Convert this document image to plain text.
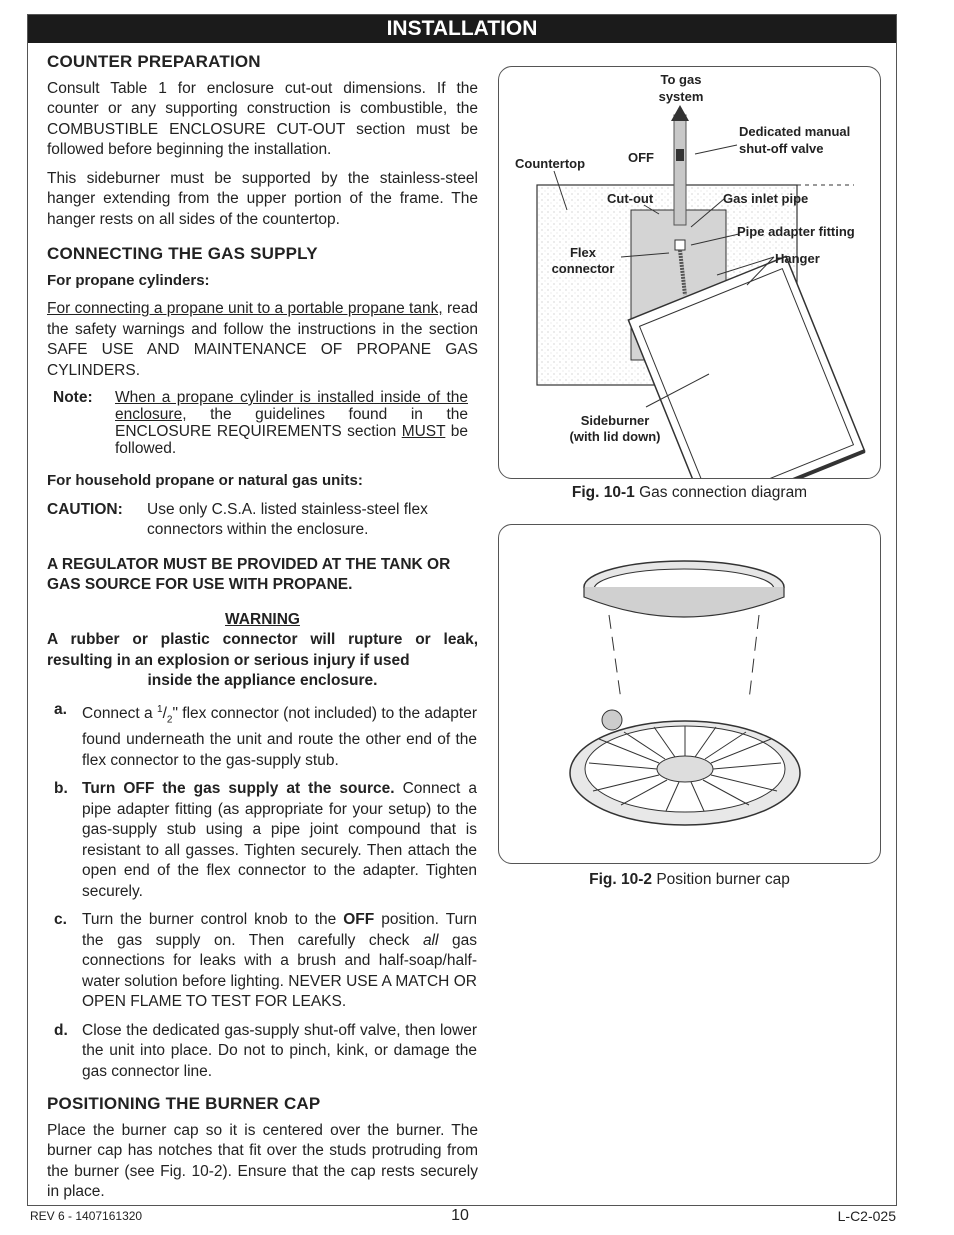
INSTALLATION
COUNTER PREPARATION

Consult Table 1 for enclosure cut-out dimensions. If the counter or any supporting construction is combustible, the COMBUSTIBLE ENCLOSURE CUT-OUT section must be followed before beginning the installation.

This sideburner must be supported by the stainless-steel hanger extending from the upper portion of the frame. The hanger rests on all sides of the countertop.

CONNECTING THE GAS SUPPLY
For propane cylinders:

For connecting a propane unit to a portable propane tank, read the safety warnings and follow the instructions in the section SAFE USE AND MAINTENANCE OF PROPANE GAS CYLINDERS.

Note:	When a propane cylinder is installed inside of the enclosure, the guidelines found in the ENCLOSURE REQUIREMENTS section MUST be followed.
For household propane or natural gas units:
CAUTION:	Use only C.S.A. listed stainless-steel flex connectors within the enclosure.
A REGULATOR MUST BE PROVIDED AT THE TANK OR GAS SOURCE FOR USE WITH PROPANE.
WARNING
A rubber or plastic connector will rupture or leak, resulting in an explosion or serious injury if used
inside the appliance enclosure.
a. Connect a $^1/_2$" flex connector (not included) to the adapter found underneath the unit and route the other end of the flex connector to the gas-supply stub.
b. Turn OFF the gas supply at the source. Connect a pipe adapter fitting (as appropriate for your setup) to the gas-supply stub using a pipe joint compound that is resistant to all gasses. Tighten securely. Then attach the open end of the flex connector to the adapter. Tighten securely.
c. Turn the burner control knob to the OFF position. Turn the gas supply on. Then carefully check all gas connections for leaks with a brush and half-soap/half-water solution before lighting. NEVER USE A MATCH OR OPEN FLAME TO TEST FOR LEAKS.
d. Close the dedicated gas-supply shut-off valve, then lower the unit into place. Do not to pinch, kink, or damage the gas connector line.
POSITIONING THE BURNER CAP

Place the burner cap so it is centered over the burner. The burner cap has notches that fit over the studs protruding from the burner (see Fig. 10-2). Ensure that the cap rests securely in place.

To gas
system
Dedicated manual
shut-off valve
OFF
Countertop
Cut-out	Gas inlet pipe
Pipe adapter fitting
Flex
connector
Hanger
Sideburner
(with lid down)
Fig. 10-1 Gas connection diagram
Fig. 10-2 Position burner cap
REV 6 - 1407161320	10	L-C2-025
